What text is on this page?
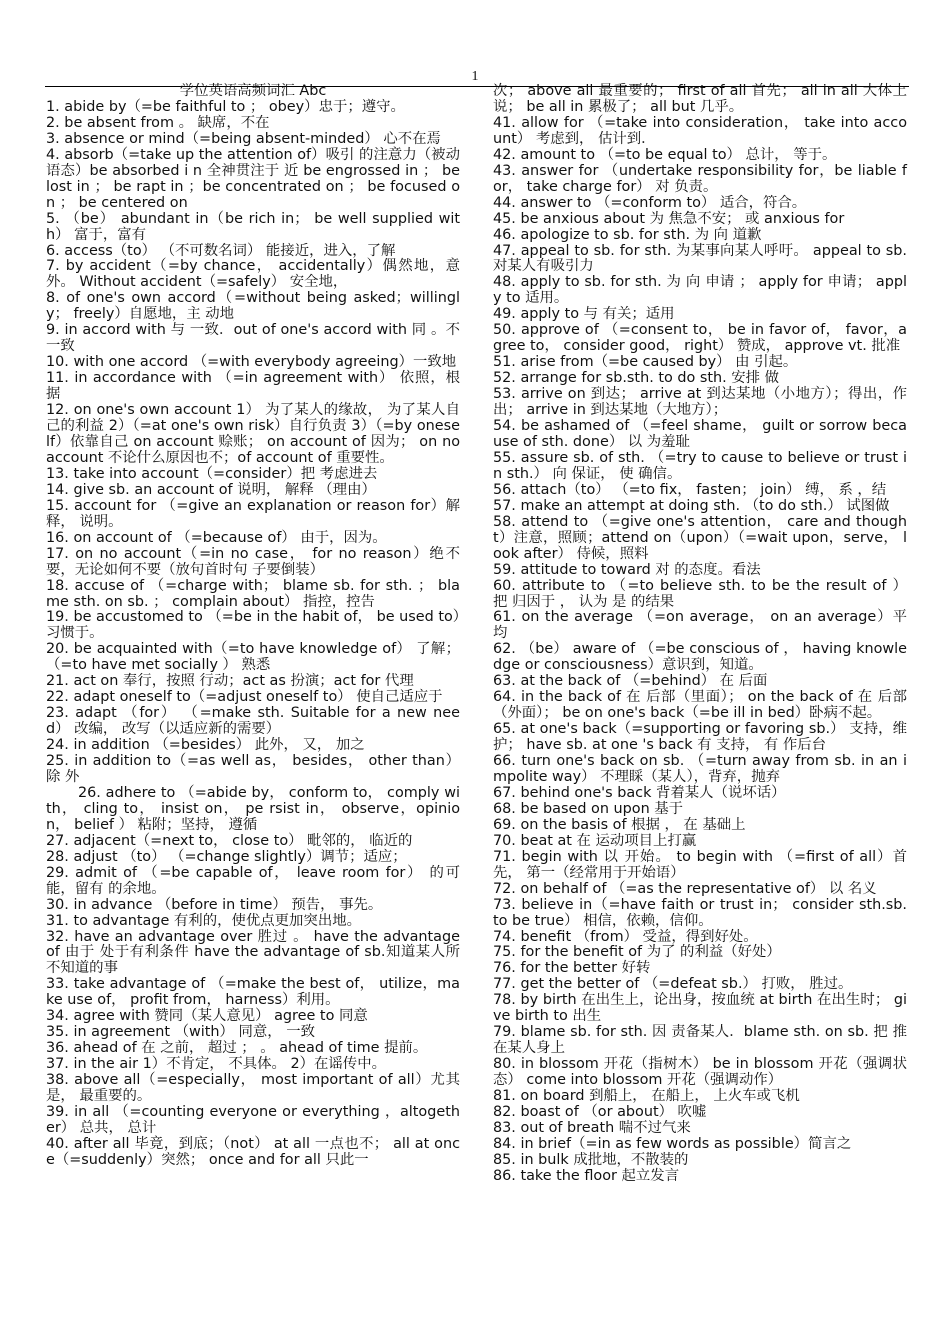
1
学位英语高频词汇 Abc

1. abide by（=be faithful to ； obey）忠于；遵守。

2. be absent from 。 缺席，不在

3. absence or mind（=being absent-minded） 心不在焉

4. absorb（=take up the attention of）吸引 的注意力（被动语态）be absorbed i n 全神贯注于 近 be engrossed in ； be lost in ； be rapt in ；be concentrated on ； be focused on ； be centered on

5. （be） abundant in（be rich in； be well supplied with） 富于，富有

6. access（to） （不可数名词） 能接近，进入，了解

7. by accident（=by chance， accidentally）偶然地，意外。 Without accident（=safely） 安全地，

8. of one's own accord（=without being asked；willingly； freely）自愿地，主 动地

9. in accord with 与 一致．out of one's accord with 同 。不一致

10. with one accord （=with everybody agreeing）一致地

11. in accordance with （=in agreement with） 依照，根据

12. on one's own account 1） 为了某人的缘故， 为了某人自己的利益 2）（=at one's own risk）自行负责 3）（=by oneself）依靠自己 on account 赊账； on account of 因为； on no account 不论什么原因也不；of account of 重要性。

13. take into account（=consider）把 考虑进去

14. give sb. an account of 说明， 解释 （理由）

15. account for （=give an explanation or reason for）解释， 说明。

16. on account of （=because of） 由于，因为。

17. on no account（=in no case， for no reason）绝不要，无论如何不要（放句首时句 子要倒装）

18. accuse of （=charge with； blame sb. for sth. ； blame sth. on sb. ； complain about） 指控，控告

19. be accustomed to （=be in the habit of， be used to）习惯于。

20. be acquainted with（=to have knowledge of） 了解；（=to have met socially ） 熟悉

21. act on 奉行，按照 行动；act as 扮演；act for 代理

22. adapt oneself to（=adjust oneself to） 使自己适应于

23. adapt （for） （=make sth. Suitable for a new need） 改编， 改写（以适应新的需要）

24. in addition （=besides） 此外， 又， 加之

25. in addition to（=as well as， besides， other than）除 外

26. adhere to （=abide by， conform to， comply with， cling to， insist on， pe rsist in， observe，opinion， belief ） 粘附；坚持， 遵循

27. adjacent（=next to， close to） 毗邻的， 临近的

28. adjust （to） （=change slightly）调节；适应；

29. admit of （=be capable of， leave room for） 的可能，留有 的余地。

30. in advance （before in time） 预告， 事先。

31. to advantage 有利的，使优点更加突出地。

32. have an advantage over 胜过 。 have the advantage of 由于 处于有利条件 have the advantage of sb.知道某人所不知道的事

33. take advantage of （=make the best of， utilize，make use of， profit from， harness）利用。

34. agree with 赞同（某人意见） agree to 同意

35. in agreement （with） 同意， 一致

36. ahead of 在 之前， 超过 ； 。 ahead of time 提前。

37. in the air 1）不肯定， 不具体。 2）在谣传中。

38. above all（=especially， most important of all）尤其是， 最重要的。

39. in all （=counting everyone or everything ，altogether） 总共， 总计

40. after all 毕竟，到底；（not） at all 一点也不； all at once（=suddenly）突然； once and for all 只此一

次； above all 最重要的； first of all 首先； all in all 大体上说； be all in 累极了； all but 几乎。

41. allow for （=take into consideration， take into account） 考虑到， 估计到．

42. amount to （=to be equal to） 总计， 等于。

43. answer for （undertake responsibility for，be liable for， take charge for） 对 负责。

44. answer to （=conform to） 适合，符合。

45. be anxious about 为 焦急不安； 或 anxious for

46. apologize to sb. for sth. 为 向 道歉

47. appeal to sb. for sth. 为某事向某人呼吁。 appeal to sb. 对某人有吸引力

48. apply to sb. for sth. 为 向 申请 ； apply for 申请； apply to 适用。

49. apply to 与 有关；适用

50. approve of （=consent to， be in favor of， favor，agree to， consider good， right） 赞成， approve vt. 批准

51. arise from（=be caused by） 由 引起。

52. arrange for sb.sth. to do sth. 安排 做

53. arrive on 到达； arrive at 到达某地（小地方）；得出，作出； arrive in 到达某地（大地方）；

54. be ashamed of （=feel shame， guilt or sorrow because of sth. done） 以 为羞耻

55. assure sb. of sth. （=try to cause to believe or trust in sth.） 向 保证， 使 确信。

56. attach（to） （=to fix， fasten； join） 缚， 系 ，结

57. make an attempt at doing sth. （to do sth.） 试图做

58. attend to （=give one's attention， care and thought）注意，照顾；attend on（upon）（=wait upon，serve， look after） 侍候，照料

59. attitude to toward 对 的态度。看法

60. attribute to （=to believe sth. to be the result of ） 把 归因于 ， 认为 是 的结果

61. on the average （=on average， on an average）平均

62. （be） aware of （=be conscious of ， having knowledge or consciousness）意识到，知道。

63. at the back of （=behind） 在 后面

64. in the back of 在 后部（里面）； on the back of 在 后部（外面）； be on one's back（=be ill in bed）卧病不起。

65. at one's back（=supporting or favoring sb.） 支持，维护； have sb. at one 's back 有 支持， 有 作后台

66. turn one's back on sb. （=turn away from sb. in an impolite way） 不理睬（某人），背弃，抛弃

67. behind one's back 背着某人（说坏话）

68. be based on upon 基于

69. on the basis of 根据 ， 在 基础上

70. beat at 在 运动项目上打赢

71. begin with 以 开始。 to begin with （=first of all）首先， 第一（经常用于开始语）

72. on behalf of （=as the representative of） 以 名义

73. believe in（=have faith or trust in； consider sth.sb. to be true） 相信，依赖，信仰。

74. benefit （from） 受益，得到好处。

75. for the benefit of 为了 的利益（好处）

76. for the better 好转

77. get the better of （=defeat sb.） 打败， 胜过。

78. by birth 在出生上，论出身，按血统 at birth 在出生时； give birth to 出生

79. blame sb. for sth. 因 责备某人．blame sth. on sb. 把 推在某人身上

80. in blossom 开花（指树木） be in blossom 开花（强调状态） come into blossom 开花（强调动作）

81. on board 到船上， 在船上， 上火车或飞机

82. boast of （or about） 吹嘘

83. out of breath 喘不过气来

84. in brief（=in as few words as possible）简言之

85. in bulk 成批地，不散装的

86. take the floor 起立发言
